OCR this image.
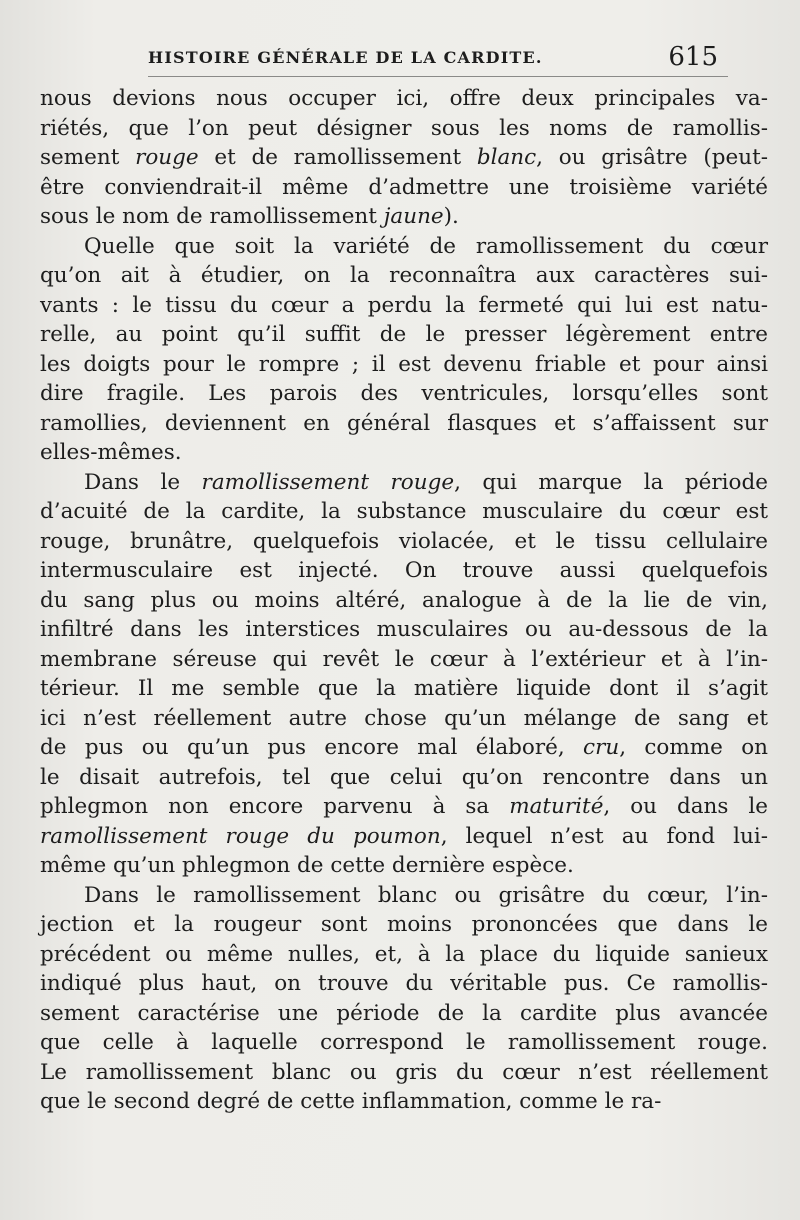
HISTOIRE GÉNÉRALE DE LA CARDITE.	615
nous devions nous occuper ici, offre deux principales va-
riétés, que l’on peut désigner sous les noms de ramollis-
sement rouge et de ramollissement blanc, ou grisâtre (peut-
être conviendrait-il même d’admettre une troisième variété
sous le nom de ramollissement jaune).
Quelle que soit la variété de ramollissement du cœur
qu’on ait à étudier, on la reconnaîtra aux caractères sui-
vants : le tissu du cœur a perdu la fermeté qui lui est natu-
relle, au point qu’il suffit de le presser légèrement entre
les doigts pour le rompre ; il est devenu friable et pour ainsi
dire fragile. Les parois des ventricules, lorsqu’elles sont
ramollies, deviennent en général flasques et s’affaissent sur
elles-mêmes.
Dans le ramollissement rouge, qui marque la période
d’acuité de la cardite, la substance musculaire du cœur est
rouge, brunâtre, quelquefois violacée, et le tissu cellulaire
intermusculaire est injecté. On trouve aussi quelquefois
du sang plus ou moins altéré, analogue à de la lie de vin,
infiltré dans les interstices musculaires ou au-dessous de la
membrane séreuse qui revêt le cœur à l’extérieur et à l’in-
térieur. Il me semble que la matière liquide dont il s’agit
ici n’est réellement autre chose qu’un mélange de sang et
de pus ou qu’un pus encore mal élaboré, cru, comme on
le disait autrefois, tel que celui qu’on rencontre dans un
phlegmon non encore parvenu à sa maturité, ou dans le
ramollissement rouge du poumon, lequel n’est au fond lui-
même qu’un phlegmon de cette dernière espèce.
Dans le ramollissement blanc ou grisâtre du cœur, l’in-
jection et la rougeur sont moins prononcées que dans le
précédent ou même nulles, et, à la place du liquide sanieux
indiqué plus haut, on trouve du véritable pus. Ce ramollis-
sement caractérise une période de la cardite plus avancée
que celle à laquelle correspond le ramollissement rouge.
Le ramollissement blanc ou gris du cœur n’est réellement
que le second degré de cette inflammation, comme le ra-
